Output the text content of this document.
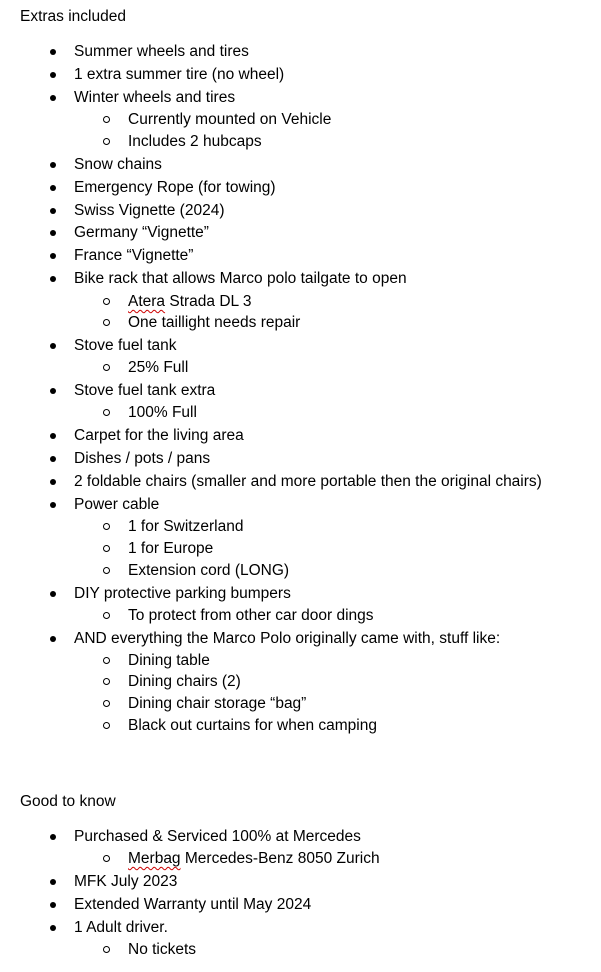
Extras included
Summer wheels and tires
1 extra summer tire (no wheel)
Winter wheels and tires
Currently mounted on Vehicle
Includes 2 hubcaps
Snow chains
Emergency Rope (for towing)
Swiss Vignette (2024)
Germany “Vignette”
France “Vignette”
Bike rack that allows Marco polo tailgate to open
Atera Strada DL 3
One taillight needs repair
Stove fuel tank
25% Full
Stove fuel tank extra
100% Full
Carpet for the living area
Dishes / pots / pans
2 foldable chairs (smaller and more portable then the original chairs)
Power cable
1 for Switzerland
1 for Europe
Extension cord (LONG)
DIY protective parking bumpers
To protect from other car door dings
AND everything the Marco Polo originally came with, stuff like:
Dining table
Dining chairs (2)
Dining chair storage “bag”
Black out curtains for when camping
Good to know
Purchased & Serviced 100% at Mercedes
Merbag Mercedes-Benz 8050 Zurich
MFK July 2023
Extended Warranty until May 2024
1 Adult driver.
No tickets
